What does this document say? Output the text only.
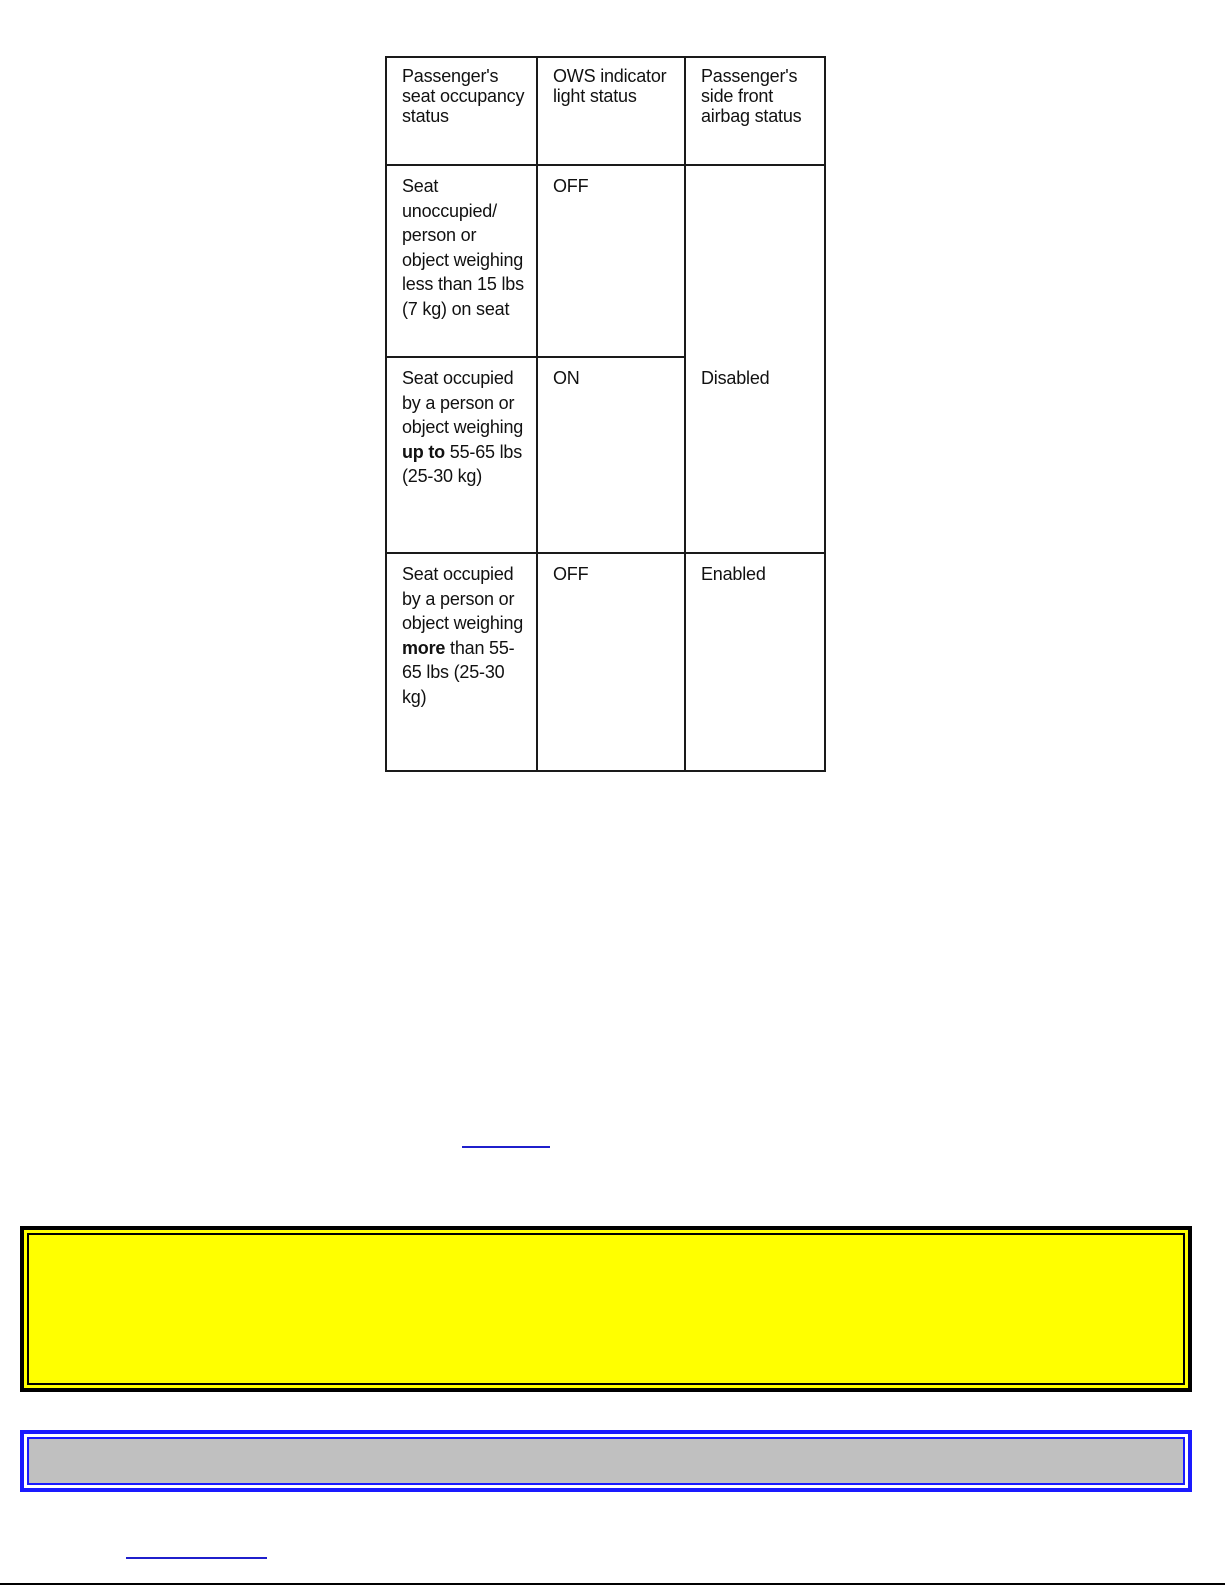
Passenger's seat occupancy status	OWS indicator light status	Passenger's side front airbag status
Seat unoccupied/ person or object weighing less than 15 lbs (7 kg) on seat	OFF	Disabled
Seat occupied by a person or object weighing up to 55-65 lbs (25-30 kg)	ON	
Seat occupied by a person or object weighing more than 55-65 lbs (25-30 kg)	OFF	Enabled
